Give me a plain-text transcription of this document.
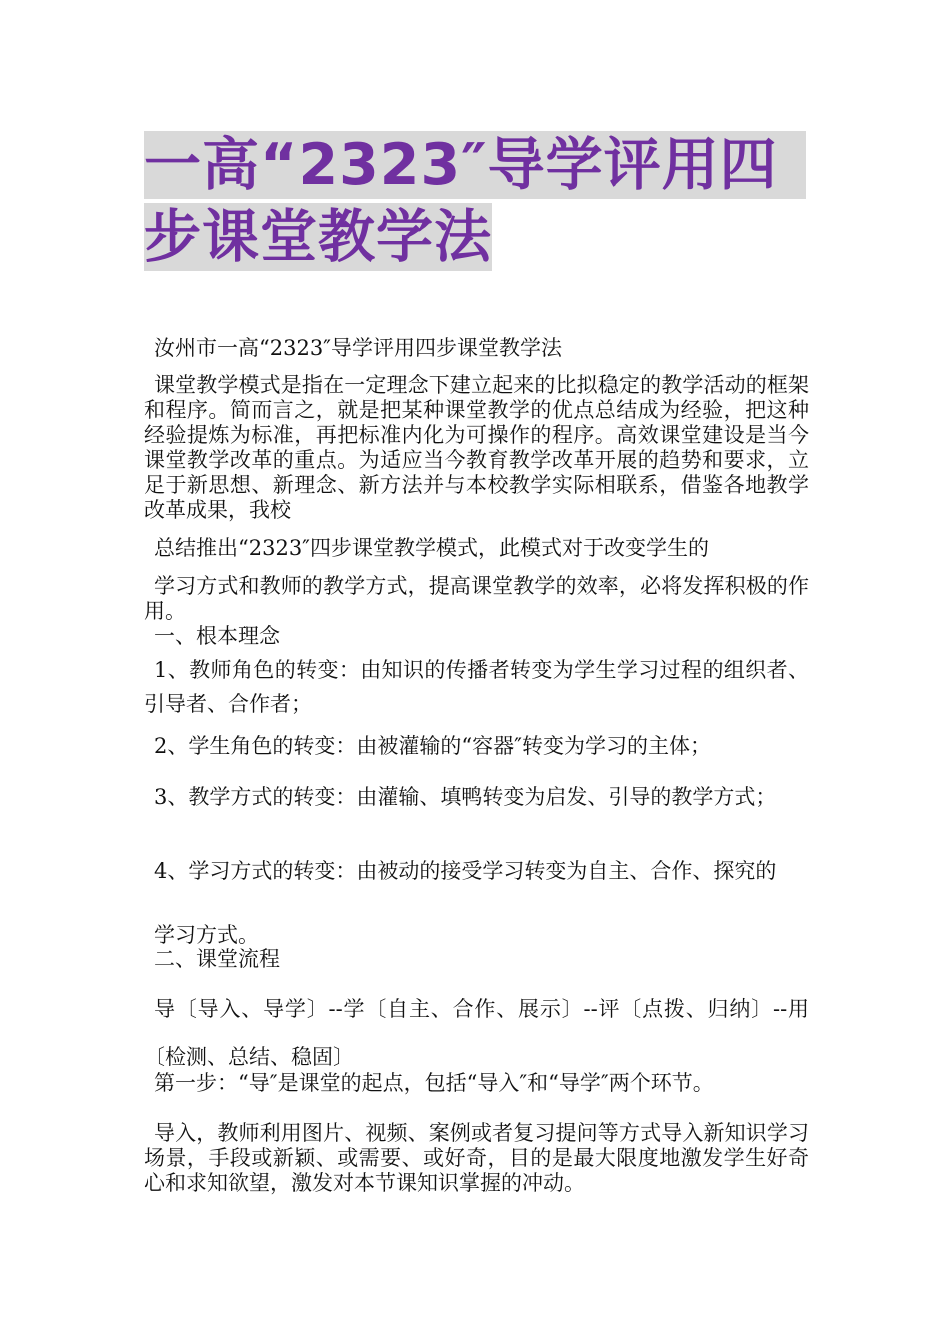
一高“2323″导学评用四
步课堂教学法

汝州市一高“2323″导学评用四步课堂教学法

课堂教学模式是指在一定理念下建立起来的比拟稳定的教学活动的框架和程序。简而言之，就是把某种课堂教学的优点总结成为经验，把这种经验提炼为标准，再把标准内化为可操作的程序。高效课堂建设是当今课堂教学改革的重点。为适应当今教育教学改革开展的趋势和要求，立足于新思想、新理念、新方法并与本校教学实际相联系，借鉴各地教学改革成果，我校

总结推出“2323″四步课堂教学模式，此模式对于改变学生的

学习方式和教师的教学方式，提高课堂教学的效率，必将发挥积极的作用。

一、根本理念

1、教师角色的转变：由知识的传播者转变为学生学习过程的组织者、引导者、合作者；

2、学生角色的转变：由被灌输的“容器″转变为学习的主体；

3、教学方式的转变：由灌输、填鸭转变为启发、引导的教学方式；

4、学习方式的转变：由被动的接受学习转变为自主、合作、探究的

学习方式。

二、课堂流程

导〔导入、导学〕--学〔自主、合作、展示〕--评〔点拨、归纳〕--用〔检测、总结、稳固〕

第一步：“导″是课堂的起点，包括“导入″和“导学″两个环节。

导入，教师利用图片、视频、案例或者复习提问等方式导入新知识学习场景，手段或新颖、或需要、或好奇，目的是最大限度地激发学生好奇心和求知欲望，激发对本节课知识掌握的冲动。
